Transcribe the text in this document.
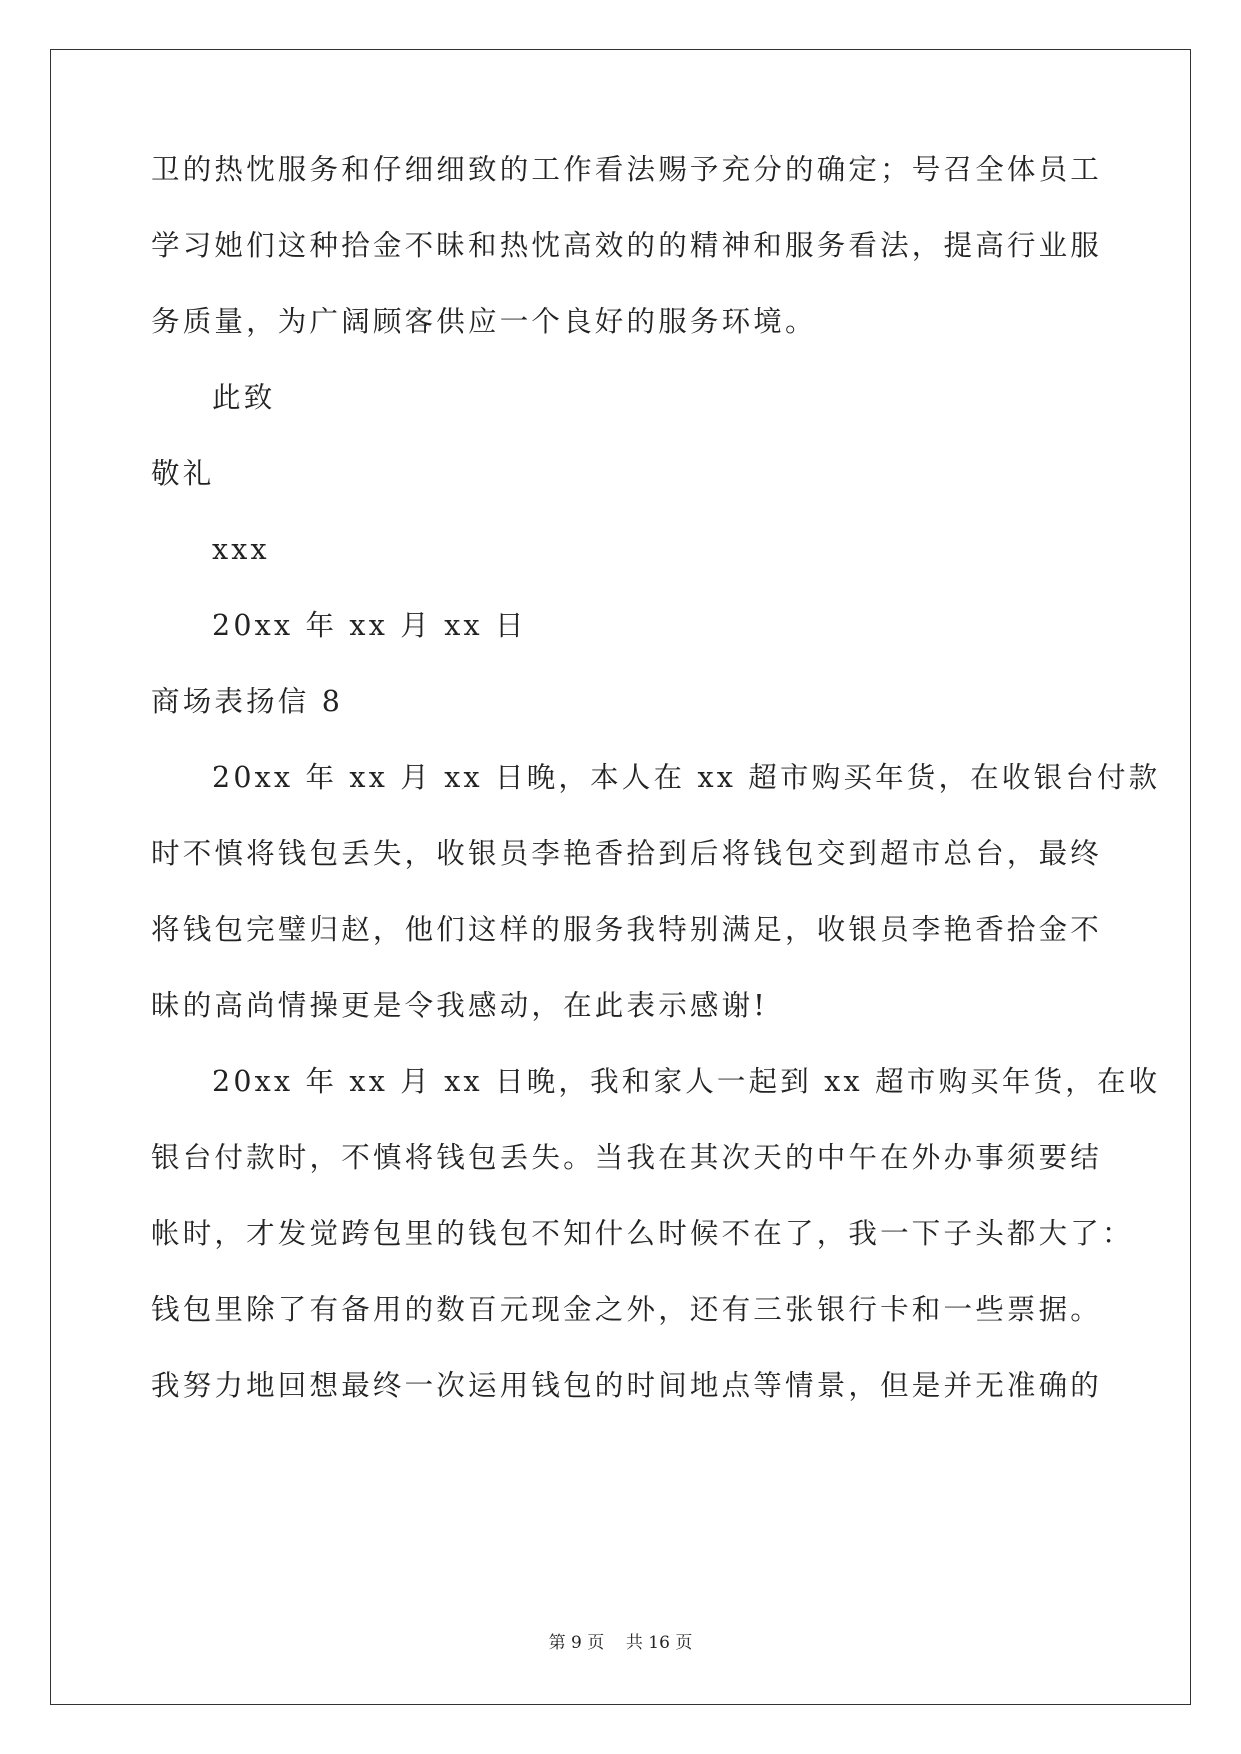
卫的热忱服务和仔细细致的工作看法赐予充分的确定；号召全体员工
学习她们这种拾金不昧和热忱高效的的精神和服务看法，提高行业服
务质量，为广阔顾客供应一个良好的服务环境。
此致
敬礼
xxx
20xx 年 xx 月 xx 日
商场表扬信 8
20xx 年 xx 月 xx 日晚，本人在 xx 超市购买年货，在收银台付款
时不慎将钱包丢失，收银员李艳香拾到后将钱包交到超市总台，最终
将钱包完璧归赵，他们这样的服务我特别满足，收银员李艳香拾金不
昧的高尚情操更是令我感动，在此表示感谢!
20xx 年 xx 月 xx 日晚，我和家人一起到 xx 超市购买年货，在收
银台付款时，不慎将钱包丢失。当我在其次天的中午在外办事须要结
帐时，才发觉跨包里的钱包不知什么时候不在了，我一下子头都大了：
钱包里除了有备用的数百元现金之外，还有三张银行卡和一些票据。
我努力地回想最终一次运用钱包的时间地点等情景，但是并无准确的
第 9 页 共 16 页
